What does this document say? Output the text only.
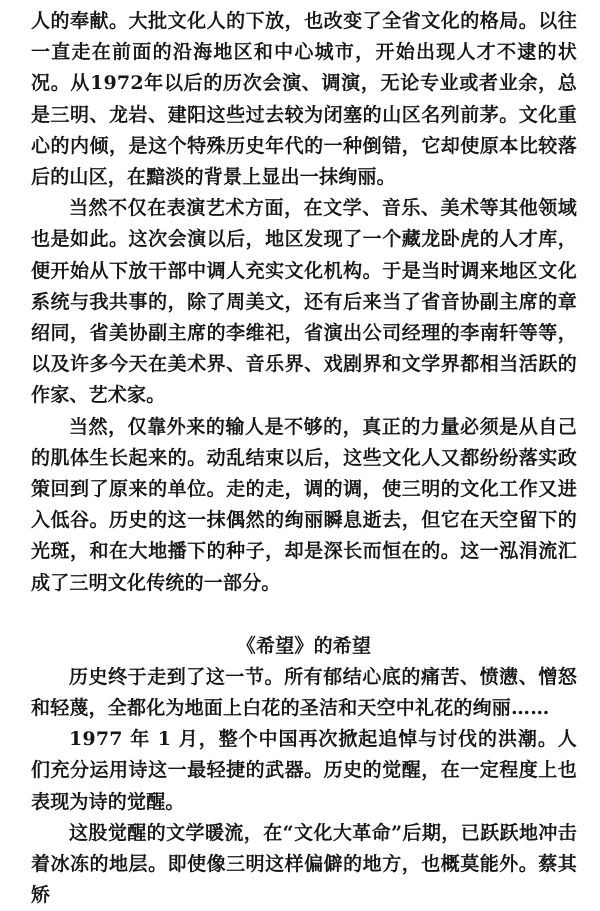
人的奉献。大批文化人的下放，也改变了全省文化的格局。以往一直走在前面的沿海地区和中心城市，开始出现人才不逮的状况。从1972年以后的历次会演、调演，无论专业或者业余，总是三明、龙岩、建阳这些过去较为闭塞的山区名列前茅。文化重心的内倾，是这个特殊历史年代的一种倒错，它却使原本比较落后的山区，在黯淡的背景上显出一抹绚丽。

当然不仅在表演艺术方面，在文学、音乐、美术等其他领域也是如此。这次会演以后，地区发现了一个藏龙卧虎的人才库，便开始从下放干部中调人充实文化机构。于是当时调来地区文化系统与我共事的，除了周美文，还有后来当了省音协副主席的章绍同，省美协副主席的李维祀，省演出公司经理的李南轩等等，以及许多今天在美术界、音乐界、戏剧界和文学界都相当活跃的作家、艺术家。

当然，仅靠外来的输人是不够的，真正的力量必须是从自己的肌体生长起来的。动乱结束以后，这些文化人又都纷纷落实政策回到了原来的单位。走的走，调的调，使三明的文化工作又进入低谷。历史的这一抹偶然的绚丽瞬息逝去，但它在天空留下的光斑，和在大地播下的种子，却是深长而恒在的。这一泓涓流汇成了三明文化传统的一部分。

《希望》的希望

历史终于走到了这一节。所有郁结心底的痛苦、愤懑、憎怒和轻蔑，全都化为地面上白花的圣洁和天空中礼花的绚丽……

1977 年 1 月，整个中国再次掀起追悼与讨伐的洪潮。人们充分运用诗这一最轻捷的武器。历史的觉醒，在一定程度上也表现为诗的觉醒。

这股觉醒的文学暖流，在“文化大革命”后期，已跃跃地冲击着冰冻的地层。即使像三明这样偏僻的地方，也概莫能外。蔡其矫
